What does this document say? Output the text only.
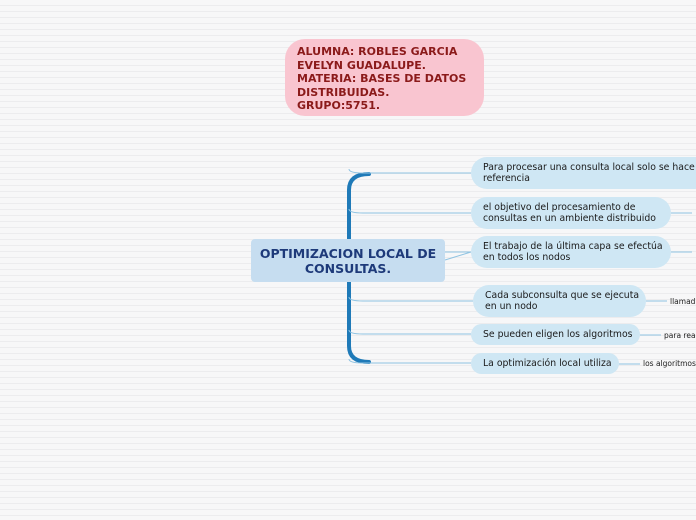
ALUMNA: ROBLES GARCIA
EVELYN GUADALUPE.
MATERIA: BASES DE DATOS
DISTRIBUIDAS.
GRUPO:5751.
OPTIMIZACION LOCAL DE
CONSULTAS.
Para procesar una consulta local solo se hace
referencia
el objetivo del procesamiento de
consultas en un ambiente distribuido
El trabajo de la última capa se efectúa
en todos los nodos
Cada subconsulta que se ejecuta
en un nodo
Se pueden eligen los algoritmos
La optimización local utiliza
llamad
para rea
los algoritmos
